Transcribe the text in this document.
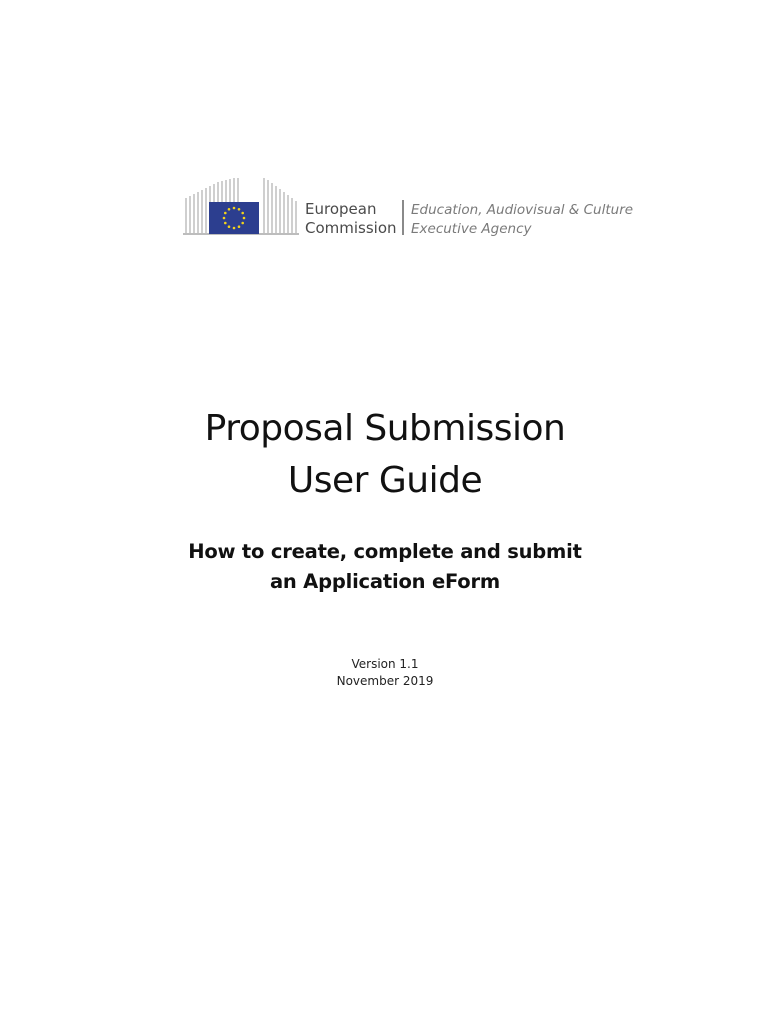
European
Commission
Education, Audiovisual & Culture
Executive Agency
Proposal Submission
User Guide
How to create, complete and submit
an Application eForm
Version 1.1
November 2019
